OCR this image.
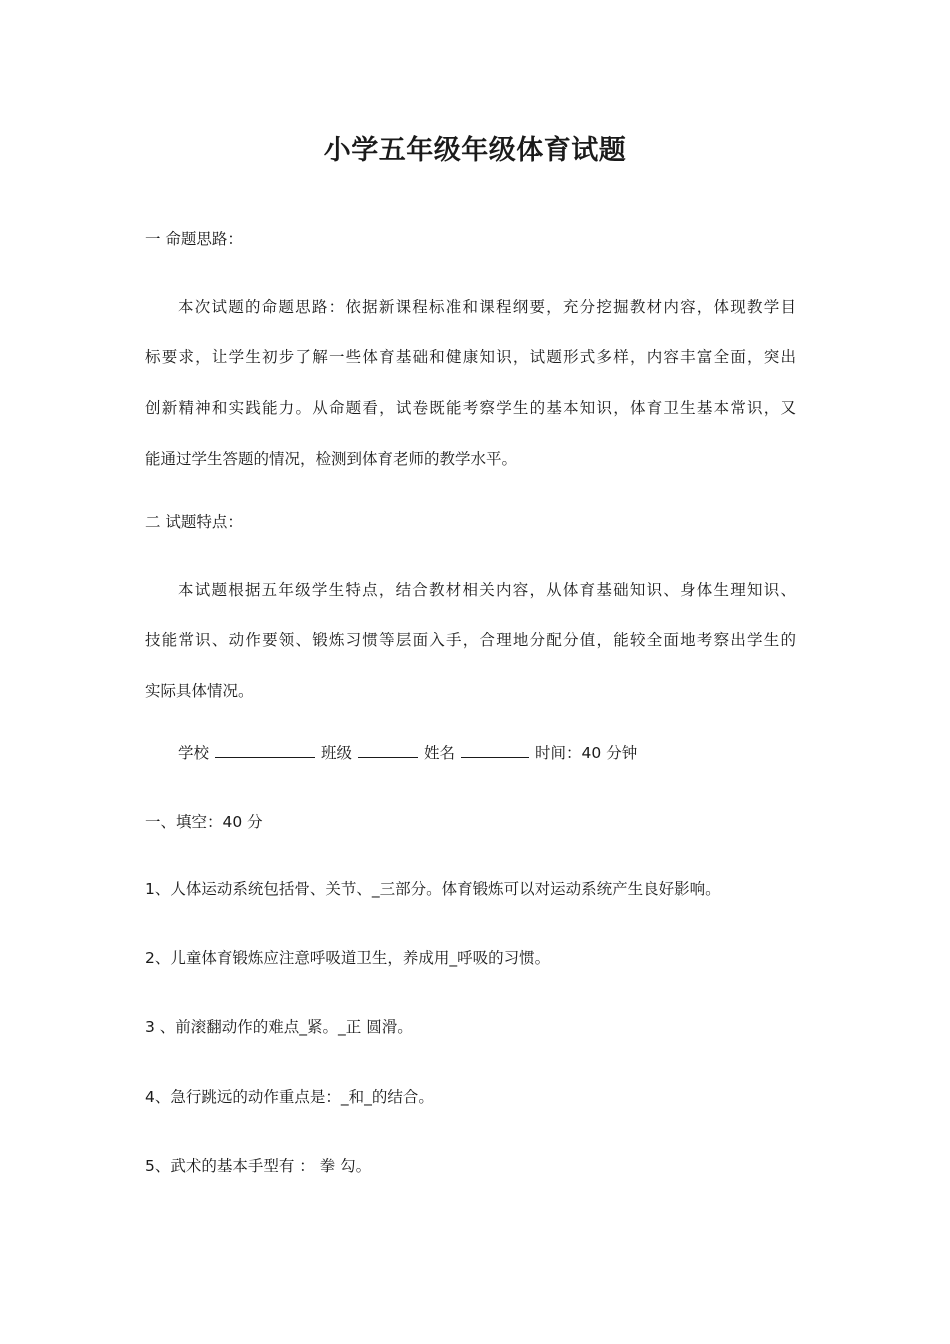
小学五年级年级体育试题

一 命题思路：

本次试题的命题思路：依据新课程标准和课程纲要，充分挖掘教材内容，体现教学目

标要求，让学生初步了解一些体育基础和健康知识，试题形式多样，内容丰富全面，突出

创新精神和实践能力。从命题看，试卷既能考察学生的基本知识，体育卫生基本常识，又

能通过学生答题的情况，检测到体育老师的教学水平。

二 试题特点：

本试题根据五年级学生特点，结合教材相关内容，从体育基础知识、身体生理知识、

技能常识、动作要领、锻炼习惯等层面入手，合理地分配分值，能较全面地考察出学生的

实际具体情况。

学校	班级	姓名	时间：40 分钟

一、填空：40 分

1、人体运动系统包括骨、关节、_三部分。体育锻炼可以对运动系统产生良好影响。

2、儿童体育锻炼应注意呼吸道卫生，养成用_呼吸的习惯。

3 、前滚翻动作的难点_紧。_正 圆滑。

4、急行跳远的动作重点是：_和_的结合。

5、武术的基本手型有 ： 拳 勾。
